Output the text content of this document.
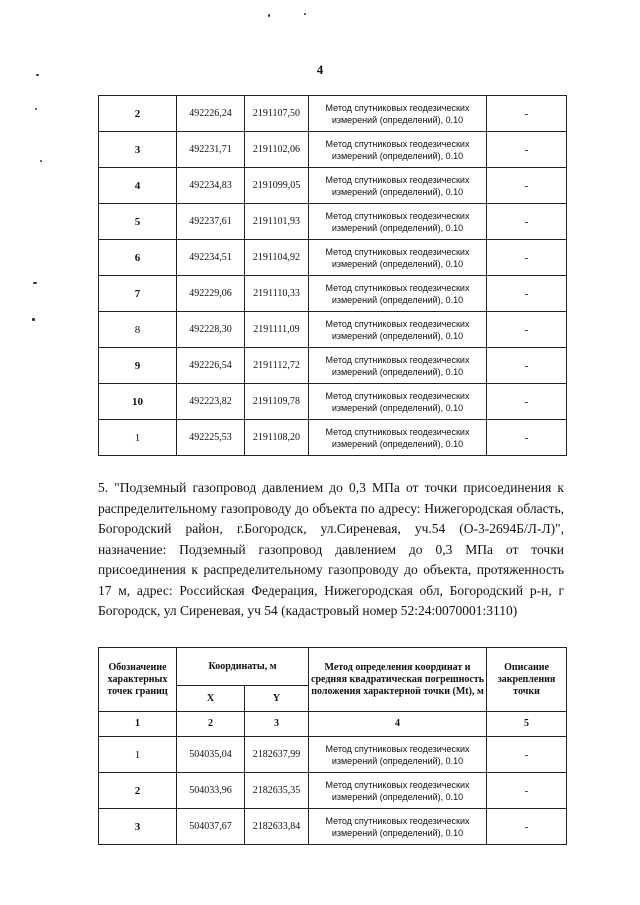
4
2	492226,24	2191107,50	Метод спутниковых геодезических измерений (определений), 0.10	-
3	492231,71	2191102,06	Метод спутниковых геодезических измерений (определений), 0.10	-
4	492234,83	2191099,05	Метод спутниковых геодезических измерений (определений), 0.10	-
5	492237,61	2191101,93	Метод спутниковых геодезических измерений (определений), 0.10	-
6	492234,51	2191104,92	Метод спутниковых геодезических измерений (определений), 0.10	-
7	492229,06	2191110,33	Метод спутниковых геодезических измерений (определений), 0.10	-
8	492228,30	2191111,09	Метод спутниковых геодезических измерений (определений), 0.10	-
9	492226,54	2191112,72	Метод спутниковых геодезических измерений (определений), 0.10	-
10	492223,82	2191109,78	Метод спутниковых геодезических измерений (определений), 0.10	-
1	492225,53	2191108,20	Метод спутниковых геодезических измерений (определений), 0.10	-

5. "Подземный газопровод давлением до 0,3 МПа от точки присоединения к распределительному газопроводу до объекта по адресу: Нижегородская область, Богородский район, г.Богородск, ул.Сиреневая, уч.54 (О-3-2694Б/Л-Л)", назначение: Подземный газопровод давлением до 0,3 МПа от точки присоединения к распределительному газопроводу до объекта, протяженность 17 м, адрес: Российская Федерация, Нижегородская обл, Богородский р-н, г Богородск, ул Сиреневая, уч 54 (кадастровый номер 52:24:0070001:3110)

Обозначение характерных точек границ	Координаты, м		Метод определения координат и средняя квадратическая погрешность положения характерной точки (Mt), м	Описание закрепления точки
	X	Y		
1	2	3	4	5
1	504035,04	2182637,99	Метод спутниковых геодезических измерений (определений), 0.10	-
2	504033,96	2182635,35	Метод спутниковых геодезических измерений (определений), 0.10	-
3	504037,67	2182633,84	Метод спутниковых геодезических измерений (определений), 0.10	-
